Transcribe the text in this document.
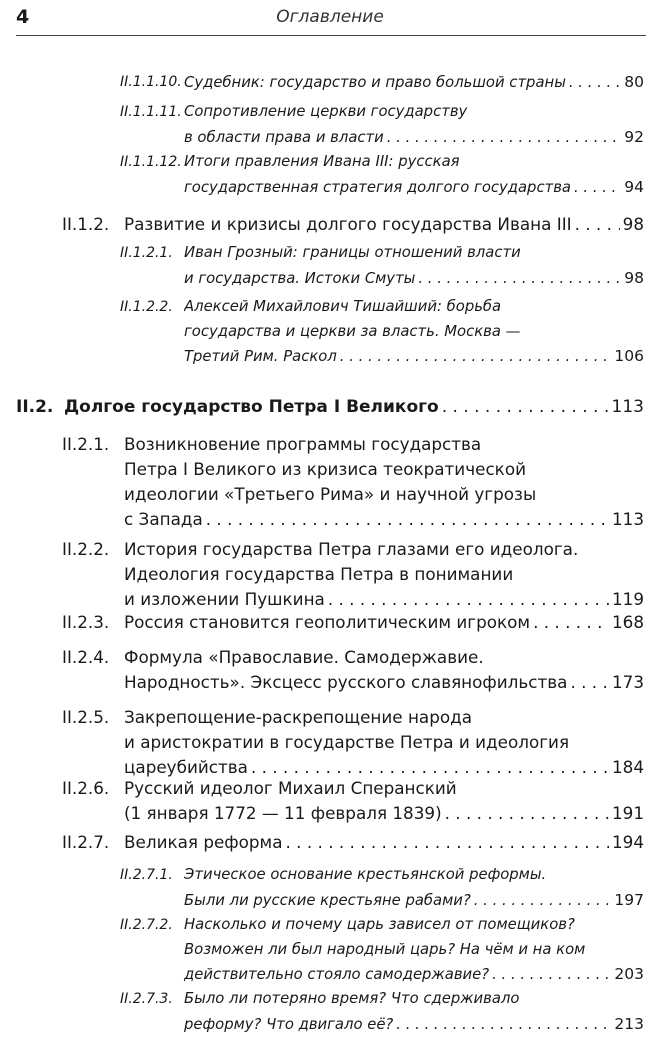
4	Оглавление
II.1.1.10. Судебник: государство и право большой страны . . .	80
II.1.1.11. Сопротивление церкви государству
в области права и власти . . .	92
II.1.1.12. Итоги правления Ивана III: русская
государственная стратегия долгого государства . . .	94
II.1.2. Развитие и кризисы долгого государства Ивана III . . .	98
II.1.2.1. Иван Грозный: границы отношений власти
и государства. Истоки Смуты . . .	98
II.1.2.2. Алексей Михайлович Тишайший: борьба
государства и церкви за власть. Москва —
Третий Рим. Раскол . . .	106
II.2. Долгое государство Петра I Великого . . .	113
II.2.1. Возникновение программы государства
Петра I Великого из кризиса теократической
идеологии «Третьего Рима» и научной угрозы
с Запада . . .	113
II.2.2. История государства Петра глазами его идеолога.
Идеология государства Петра в понимании
и изложении Пушкина . . .	119
II.2.3. Россия становится геополитическим игроком . . .	168
II.2.4. Формула «Православие. Самодержавие.
Народность». Эксцесс русского славянофильства . . .	173
II.2.5. Закрепощение-раскрепощение народа
и аристократии в государстве Петра и идеология
цареубийства . . .	184
II.2.6. Русский идеолог Михаил Сперанский
(1 января 1772 — 11 февраля 1839) . . .	191
II.2.7. Великая реформа . . .	194
II.2.7.1. Этическое основание крестьянской реформы.
Были ли русские крестьяне рабами? . . .	197
II.2.7.2. Насколько и почему царь зависел от помещиков?
Возможен ли был народный царь? На чём и на ком
действительно стояло самодержавие? . . .	203
II.2.7.3. Было ли потеряно время? Что сдерживало
реформу? Что двигало её? . . .	213
